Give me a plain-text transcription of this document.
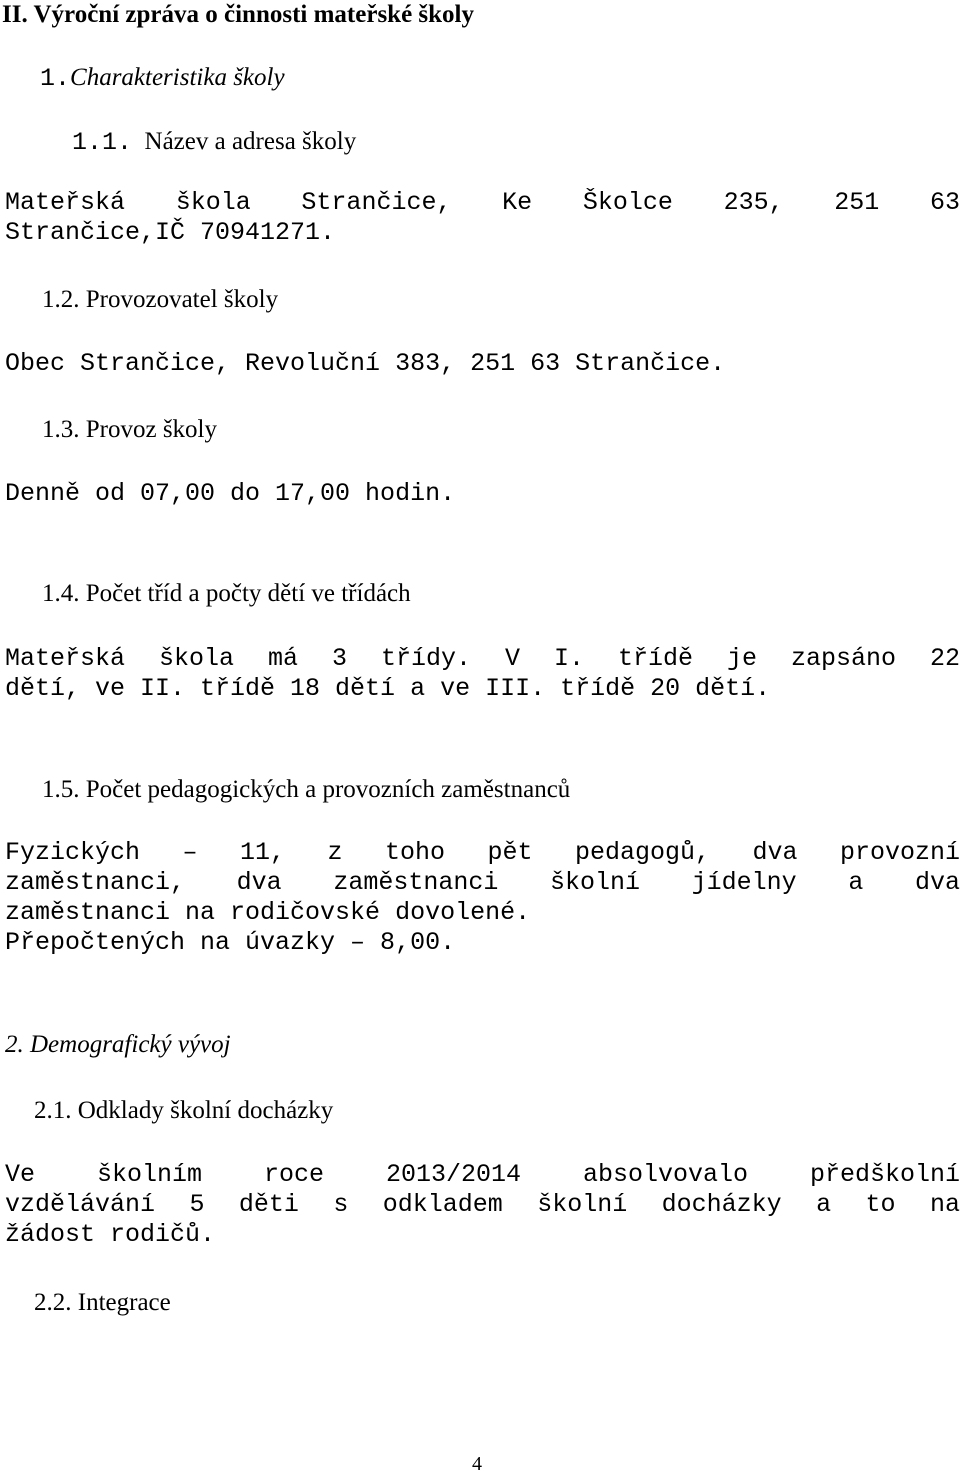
II. Výroční zpráva o činnosti mateřské školy
1.Charakteristika školy
1.1. Název a adresa školy
Mateřská škola Strančice, Ke Školce 235, 251 63
Strančice,IČ 70941271.
1.2. Provozovatel školy
Obec Strančice, Revoluční 383, 251 63 Strančice.
1.3. Provoz školy
Denně od 07,00 do 17,00 hodin.
1.4. Počet tříd a počty dětí ve třídách
Mateřská škola má 3 třídy. V I. třídě je zapsáno 22
dětí, ve II. třídě 18 dětí a ve III. třídě 20 dětí.
1.5. Počet pedagogických a provozních zaměstnanců
Fyzických – 11, z toho pět pedagogů, dva provozní
zaměstnanci, dva zaměstnanci školní jídelny a dva
zaměstnanci na rodičovské dovolené.
Přepočtených na úvazky – 8,00.
2. Demografický vývoj
2.1. Odklady školní docházky
Ve školním roce 2013/2014 absolvovalo předškolní
vzdělávání 5 děti s odkladem školní docházky a to na
žádost rodičů.
2.2. Integrace
4
